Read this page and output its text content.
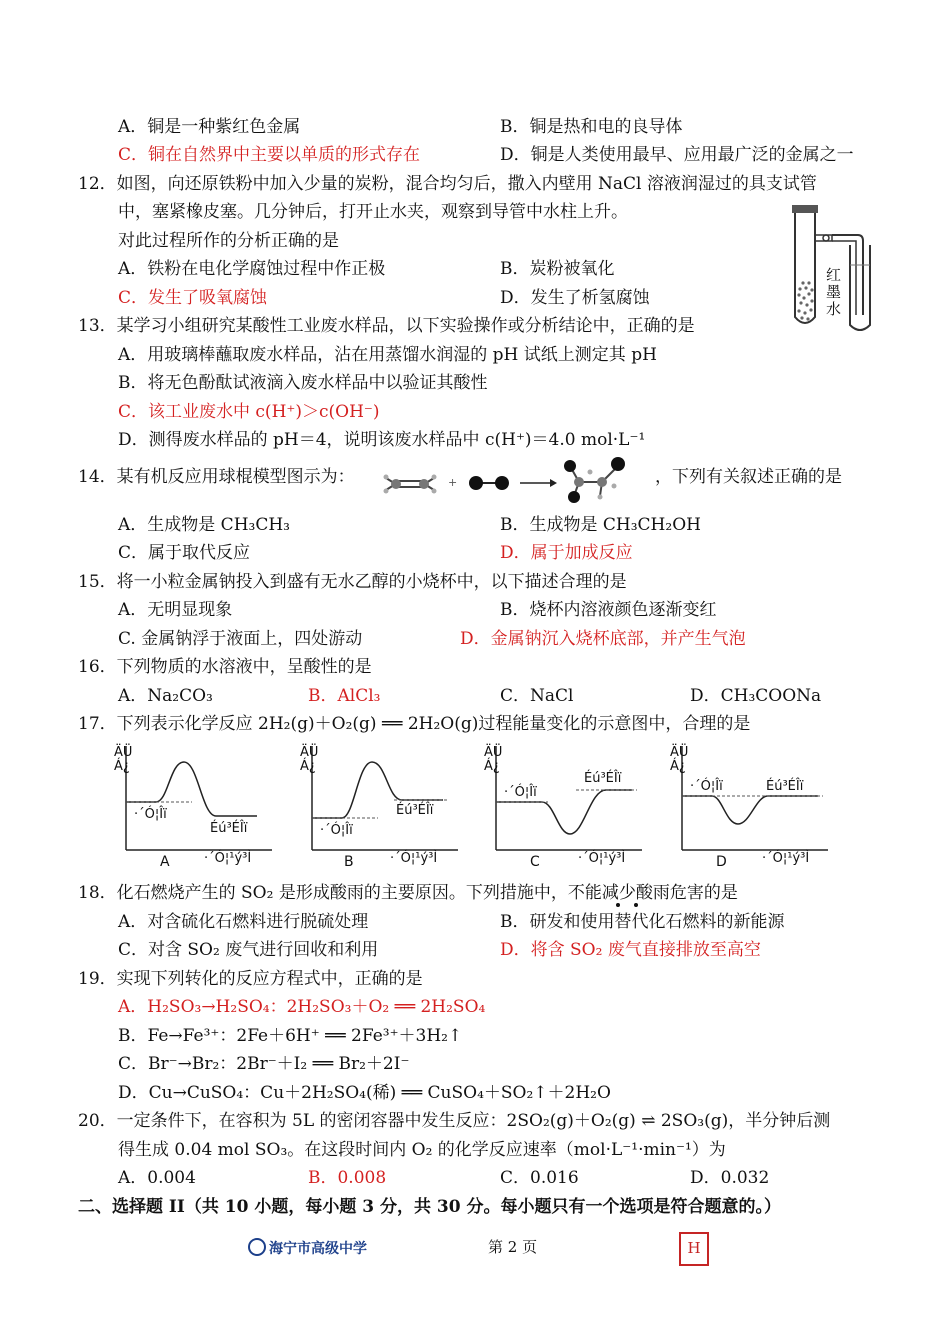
A．铜是一种紫红色金属	B．铜是热和电的良导体
C．铜在自然界中主要以单质的形式存在	D．铜是人类使用最早、应用最广泛的金属之一
12．如图，向还原铁粉中加入少量的炭粉，混合均匀后，撒入内壁用 NaCl 溶液润湿过的具支试管
中，塞紧橡皮塞。几分钟后，打开止水夹，观察到导管中水柱上升。
对此过程所作的分析正确的是
A．铁粉在电化学腐蚀过程中作正极	B．炭粉被氧化
C．发生了吸氧腐蚀	D．发生了析氢腐蚀
红
墨
水
13．某学习小组研究某酸性工业废水样品，以下实验操作或分析结论中，正确的是
A．用玻璃棒蘸取废水样品，沾在用蒸馏水润湿的 pH 试纸上测定其 pH
B．将无色酚酞试液滴入废水样品中以验证其酸性
C．该工业废水中 c(H⁺)＞c(OH⁻)
D．测得废水样品的 pH＝4，说明该废水样品中 c(H⁺)＝4.0 mol·L⁻¹
14．某有机反应用球棍模型图示为：	+	，下列有关叙述正确的是
A．生成物是 CH₃CH₃	B．生成物是 CH₃CH₂OH
C．属于取代反应	D．属于加成反应
15．将一小粒金属钠投入到盛有无水乙醇的小烧杯中，以下描述合理的是
A．无明显现象	B．烧杯内溶液颜色逐渐变红
C. 金属钠浮于液面上，四处游动	D．金属钠沉入烧杯底部，并产生气泡
16．下列物质的水溶液中，呈酸性的是
A．Na₂CO₃	B．AlCl₃	C．NaCl	D．CH₃COONa
17．下列表示化学反应 2H₂(g)＋O₂(g) ══ 2H₂O(g)过程能量变化的示意图中，合理的是
ÄÜ
Á¿
·´Ó¦Îï
Éú³ÉÎï
A	·´Ó¦¹ý³Ì
ÄÜ
Á¿
·´Ó¦Îï
Éú³ÉÎï
B	·´Ó¦¹ý³Ì
ÄÜ
Á¿
·´Ó¦Îï
Éú³ÉÎï
C	·´Ó¦¹ý³Ì
ÄÜ
Á¿
·´Ó¦Îï	Éú³ÉÎï
D	·´Ó¦¹ý³Ì
18．化石燃烧产生的 SO₂ 是形成酸雨的主要原因。下列措施中，不能减少酸雨危害的是
A．对含硫化石燃料进行脱硫处理	B．研发和使用替代化石燃料的新能源
C．对含 SO₂ 废气进行回收和利用	D．将含 SO₂ 废气直接排放至高空
19．实现下列转化的反应方程式中，正确的是
A．H₂SO₃→H₂SO₄：2H₂SO₃＋O₂ ══ 2H₂SO₄
B．Fe→Fe³⁺：2Fe＋6H⁺ ══ 2Fe³⁺＋3H₂↑
C．Br⁻→Br₂：2Br⁻＋I₂ ══ Br₂＋2I⁻
D．Cu→CuSO₄：Cu＋2H₂SO₄(稀) ══ CuSO₄＋SO₂↑＋2H₂O
20．一定条件下，在容积为 5L 的密闭容器中发生反应：2SO₂(g)＋O₂(g) ⇌ 2SO₃(g)，半分钟后测
得生成 0.04 mol SO₃。在这段时间内 O₂ 的化学反应速率（mol·L⁻¹·min⁻¹）为
A．0.004	B．0.008	C．0.016	D．0.032
二、选择题 II（共 10 小题，每小题 3 分，共 30 分。每小题只有一个选项是符合题意的。）
海宁市高级中学	第 2 页	H
